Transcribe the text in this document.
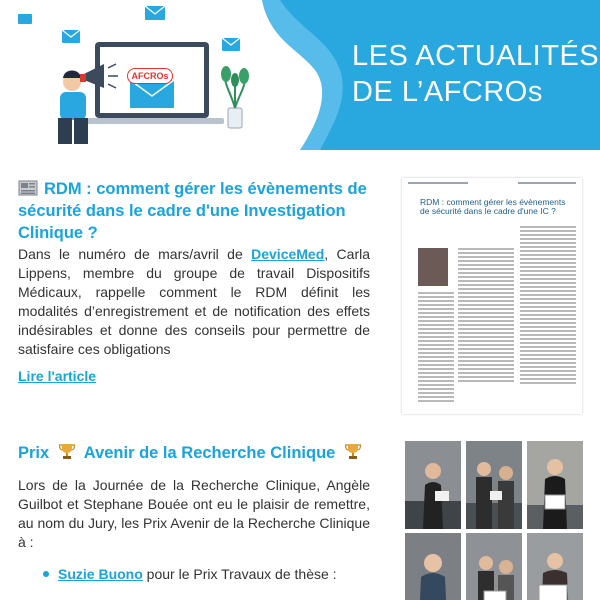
AFCROs
LES ACTUALITÉS
DE L’AFCROs
RDM : comment gérer les évènements de sécurité dans le cadre d'une Investigation Clinique ?
Dans le numéro de mars/avril de DeviceMed, Carla Lippens, membre du groupe de travail Dispositifs Médicaux, rappelle comment le RDM définit les modalités d’enregistrement et de notification des effets indésirables et donne des conseils pour permettre de satisfaire ces obligations
Lire l'article
RDM : comment gérer les évènements de sécurité dans le cadre d'une IC ?
Prix Avenir de la Recherche Clinique
Lors de la Journée de la Recherche Clinique, Angèle Guilbot et Stephane Bouée ont eu le plaisir de remettre, au nom du Jury, les Prix Avenir de la Recherche Clinique à :
Suzie Buono pour le Prix Travaux de thèse :
